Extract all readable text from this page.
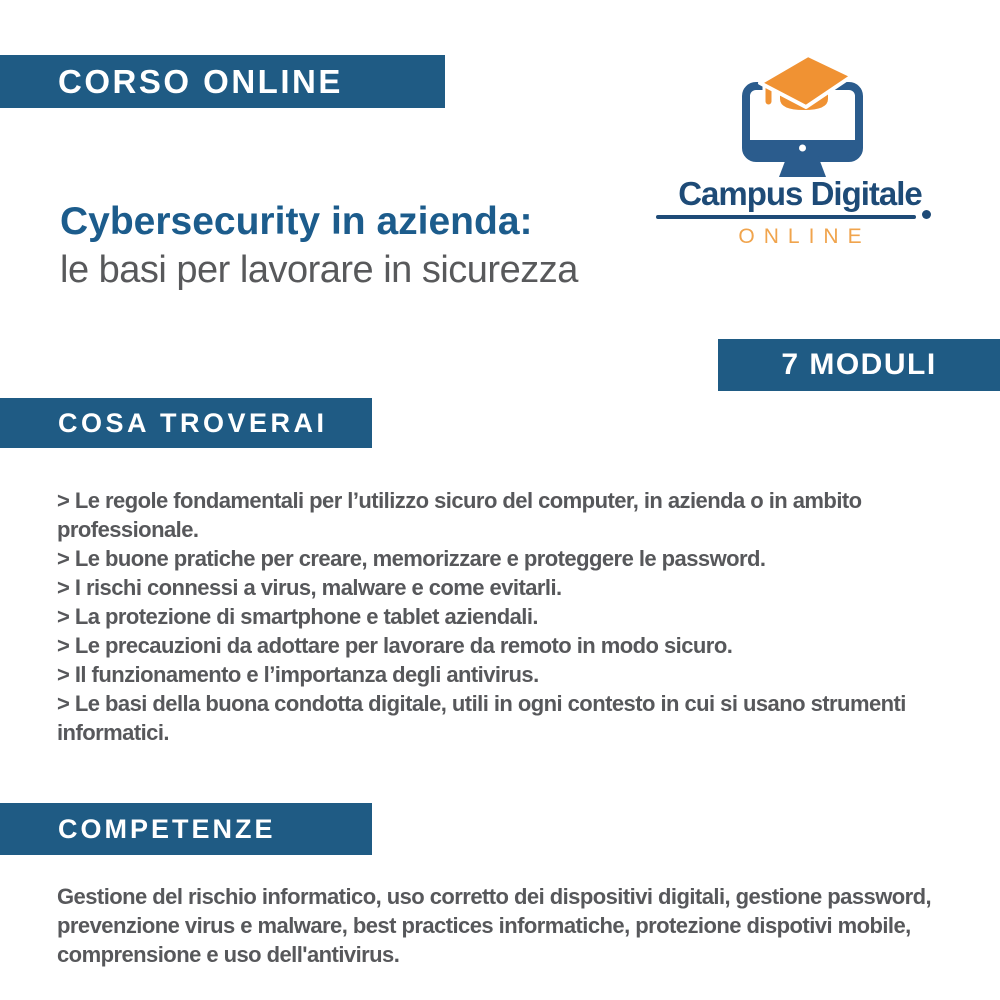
CORSO ONLINE
Campus Digitale
ONLINE
Cybersecurity in azienda:
le basi per lavorare in sicurezza
7 MODULI
COSA TROVERAI
> Le regole fondamentali per l’utilizzo sicuro del computer, in azienda o in ambito professionale.
> Le buone pratiche per creare, memorizzare e proteggere le password.
> I rischi connessi a virus, malware e come evitarli.
> La protezione di smartphone e tablet aziendali.
> Le precauzioni da adottare per lavorare da remoto in modo sicuro.
> Il funzionamento e l’importanza degli antivirus.
> Le basi della buona condotta digitale, utili in ogni contesto in cui si usano strumenti informatici.
COMPETENZE
Gestione del rischio informatico, uso corretto dei dispositivi digitali, gestione password, prevenzione virus e malware, best practices informatiche, protezione dispotivi mobile, comprensione e uso dell'antivirus.
